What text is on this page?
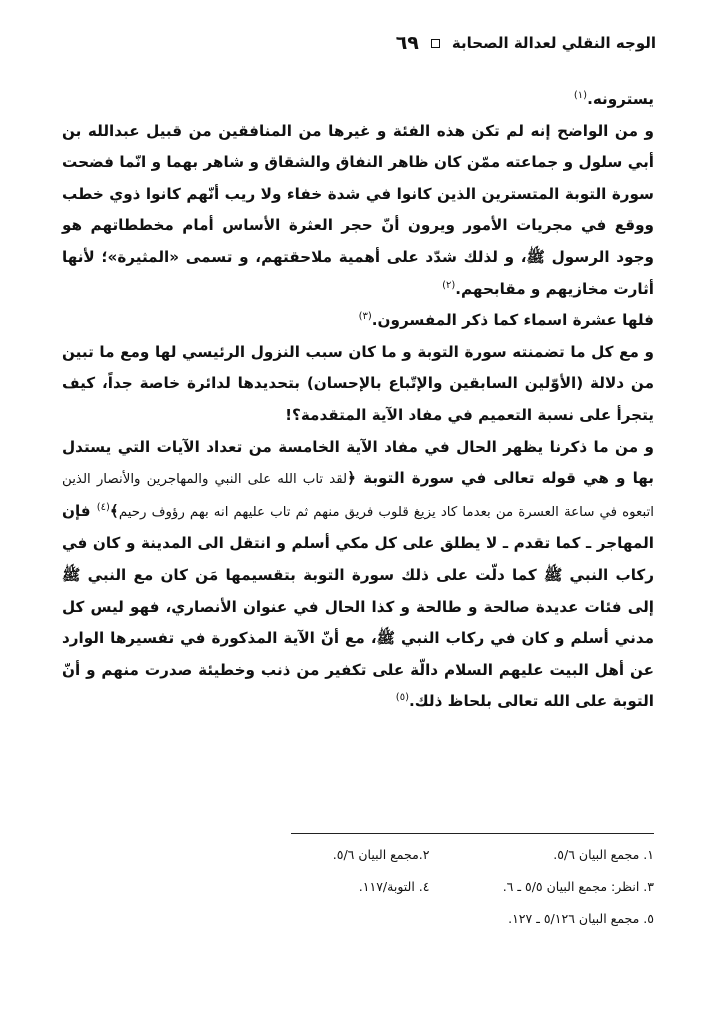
الوجه النقلي لعدالة الصحابة
٦٩

يسترونه.$^{(١)}$

و من الواضح إنه لم تكن هذه الفئة و غيرها من المنافقين من قبيل عبدالله بن أبي سلول و جماعته ممّن كان ظاهر النفاق والشقاق و شاهر بهما و انّما فضحت سورة التوبة المتسترين الذين كانوا في شدة خفاء ولا ريب أنّهم كانوا ذوي خطب ووقع في مجريات الأمور ويرون أنّ حجر العثرة الأساس أمام مخططاتهم هو وجود الرسول ﷺ، و لذلك شدّد على أهمية ملاحقتهم، و تسمى «المثيرة»؛ لأنها أثارت مخازيهم و مقابحهم.$^{(٢)}$
فلها عشرة اسماء كما ذكر المفسرون.$^{(٣)}$

و مع كل ما تضمنته سورة التوبة و ما كان سبب النزول الرئيسي لها ومع ما تبين من دلالة (الأوّلين السابقين والإتّباع بالإحسان) بتحديدها لدائرة خاصة جداً، كيف يتجرأ على نسبة التعميم في مفاد الآية المتقدمة؟!

و من ما ذكرنا يظهر الحال في مفاد الآية الخامسة من تعداد الآيات التي يستدل بها و هي قوله تعالى في سورة التوبة ﴿لقد تاب الله على النبي والمهاجرين والأنصار الذين اتبعوه في ساعة العسرة من بعدما كاد يزيغ قلوب فريق منهم ثم تاب عليهم انه بهم رؤوف رحيم﴾$^{(٤)}$ فإن المهاجر ـ كما تقدم ـ لا يطلق على كل مكي أسلم و انتقل الى المدينة و كان في ركاب النبي ﷺ كما دلّت على ذلك سورة التوبة بتقسيمها مَن كان مع النبي ﷺ إلى فئات عديدة صالحة و طالحة و كذا الحال في عنوان الأنصاري، فهو ليس كل مدني أسلم و كان في ركاب النبي ﷺ، مع أنّ الآية المذكورة في تفسيرها الوارد عن أهل البيت عليهم السلام دالّة على تكفير من ذنب وخطيئة صدرت منهم و أنّ التوبة على الله تعالى بلحاظ ذلك.$^{(٥)}$

١. مجمع البيان ٥/٦.
٢.مجمع البيان ٥/٦.
٣. انظر: مجمع البيان ٥/٥ ـ ٦.
٤. التوبة/١١٧.
٥. مجمع البيان ٥/١٢٦ ـ ١٢٧.
